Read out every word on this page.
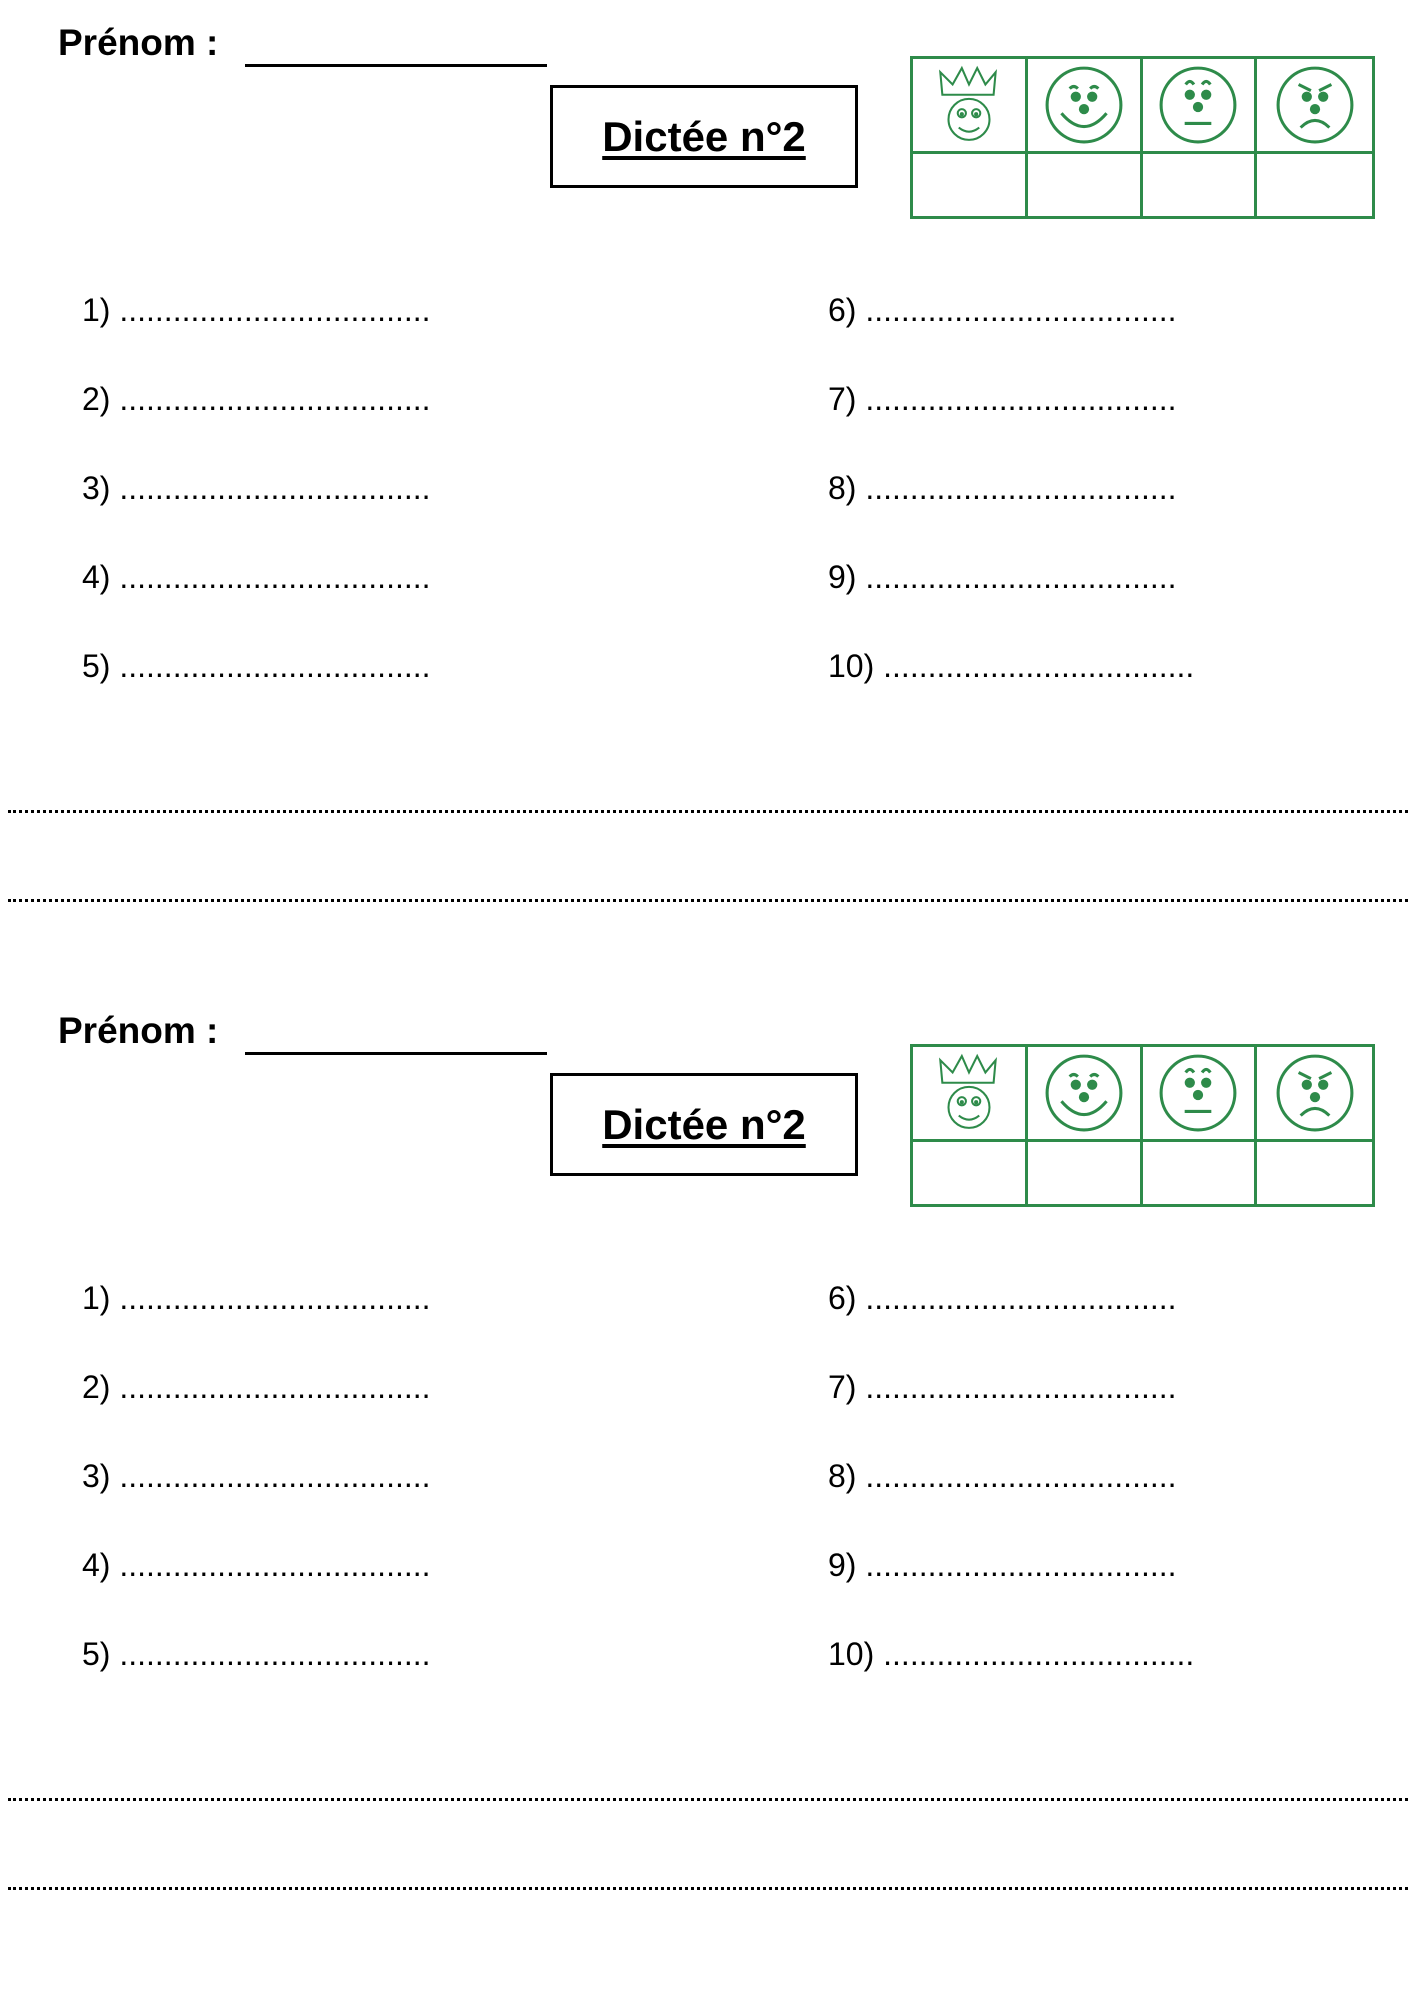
Prénom :
Dictée n°2
1) ...................................
2) ...................................
3) ...................................
4) ...................................
5) ...................................
6) ...................................
7) ...................................
8) ...................................
9) ...................................
10) ...................................
Prénom :
Dictée n°2
1) ...................................
2) ...................................
3) ...................................
4) ...................................
5) ...................................
6) ...................................
7) ...................................
8) ...................................
9) ...................................
10) ...................................
